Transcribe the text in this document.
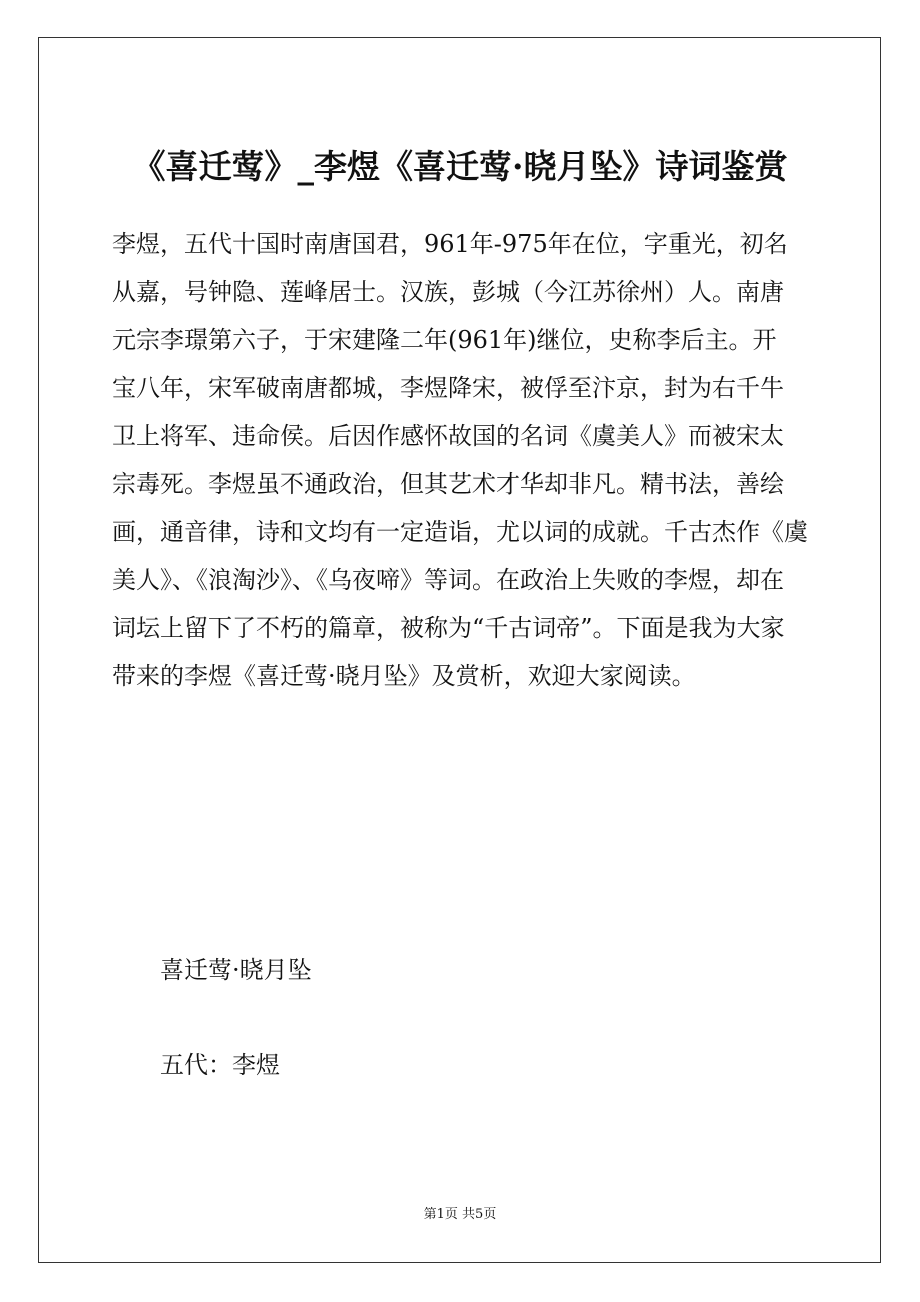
《喜迁莺》_李煜《喜迁莺·晓月坠》诗词鉴赏
李煜，五代十国时南唐国君，961年-975年在位，字重光，初名
从嘉，号钟隐、莲峰居士。汉族，彭城（今江苏徐州）人。南唐
元宗李璟第六子，于宋建隆二年(961年)继位，史称李后主。开
宝八年，宋军破南唐都城，李煜降宋，被俘至汴京，封为右千牛
卫上将军、违命侯。后因作感怀故国的名词《虞美人》而被宋太
宗毒死。李煜虽不通政治，但其艺术才华却非凡。精书法，善绘
画，通音律，诗和文均有一定造诣，尤以词的成就。千古杰作《虞
美人》、《浪淘沙》、《乌夜啼》等词。在政治上失败的李煜，却在
词坛上留下了不朽的篇章，被称为“千古词帝”。下面是我为大家
带来的李煜《喜迁莺·晓月坠》及赏析，欢迎大家阅读。
喜迁莺·晓月坠
五代：李煜
第1页 共5页
